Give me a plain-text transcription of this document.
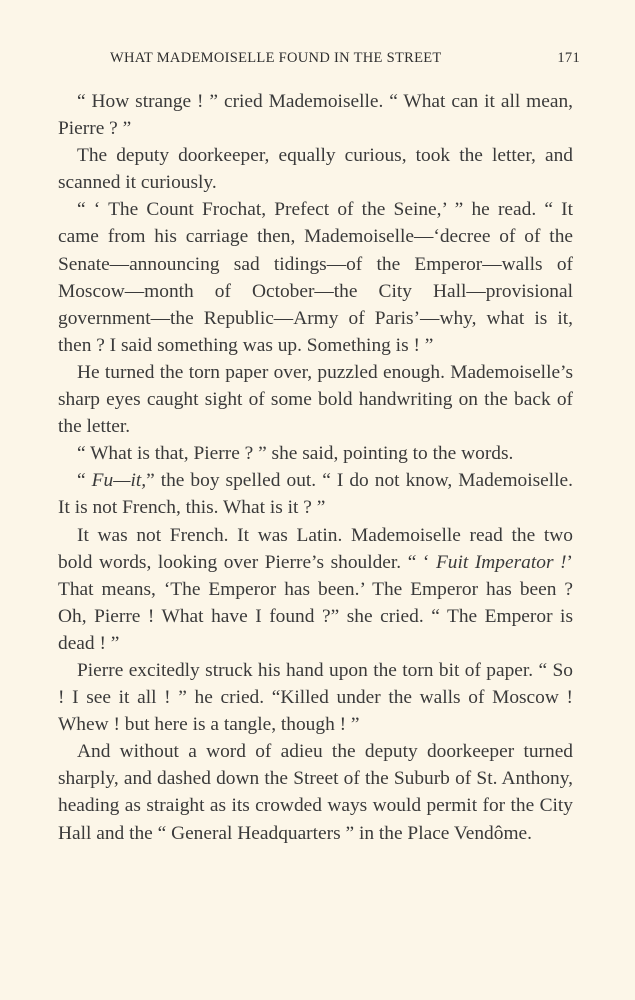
WHAT MADEMOISELLE FOUND IN THE STREET	171

“ How strange ! ” cried Mademoiselle. “ What can it all mean, Pierre ? ”

The deputy doorkeeper, equally curious, took the letter, and scanned it curiously.

“ ‘ The Count Frochat, Prefect of the Seine,’ ” he read. “ It came from his carriage then, Mademoiselle—‘decree of of the Senate—announcing sad tidings—of the Emperor—walls of Moscow—month of October—the City Hall—provisional government—the Republic—Army of Paris’—why, what is it, then ? I said something was up. Something is ! ”

He turned the torn paper over, puzzled enough. Mademoiselle’s sharp eyes caught sight of some bold handwriting on the back of the letter.

“ What is that, Pierre ? ” she said, pointing to the words.

“ Fu—it,” the boy spelled out. “ I do not know, Mademoiselle. It is not French, this. What is it ? ”

It was not French. It was Latin. Mademoiselle read the two bold words, looking over Pierre’s shoulder. “ ‘ Fuit Imperator !’ That means, ‘The Emperor has been.’ The Emperor has been ? Oh, Pierre ! What have I found ?” she cried. “ The Emperor is dead ! ”

Pierre excitedly struck his hand upon the torn bit of paper. “ So ! I see it all ! ” he cried. “Killed under the walls of Moscow ! Whew ! but here is a tangle, though ! ”

And without a word of adieu the deputy doorkeeper turned sharply, and dashed down the Street of the Suburb of St. Anthony, heading as straight as its crowded ways would permit for the City Hall and the “ General Headquarters ” in the Place Vendôme.
